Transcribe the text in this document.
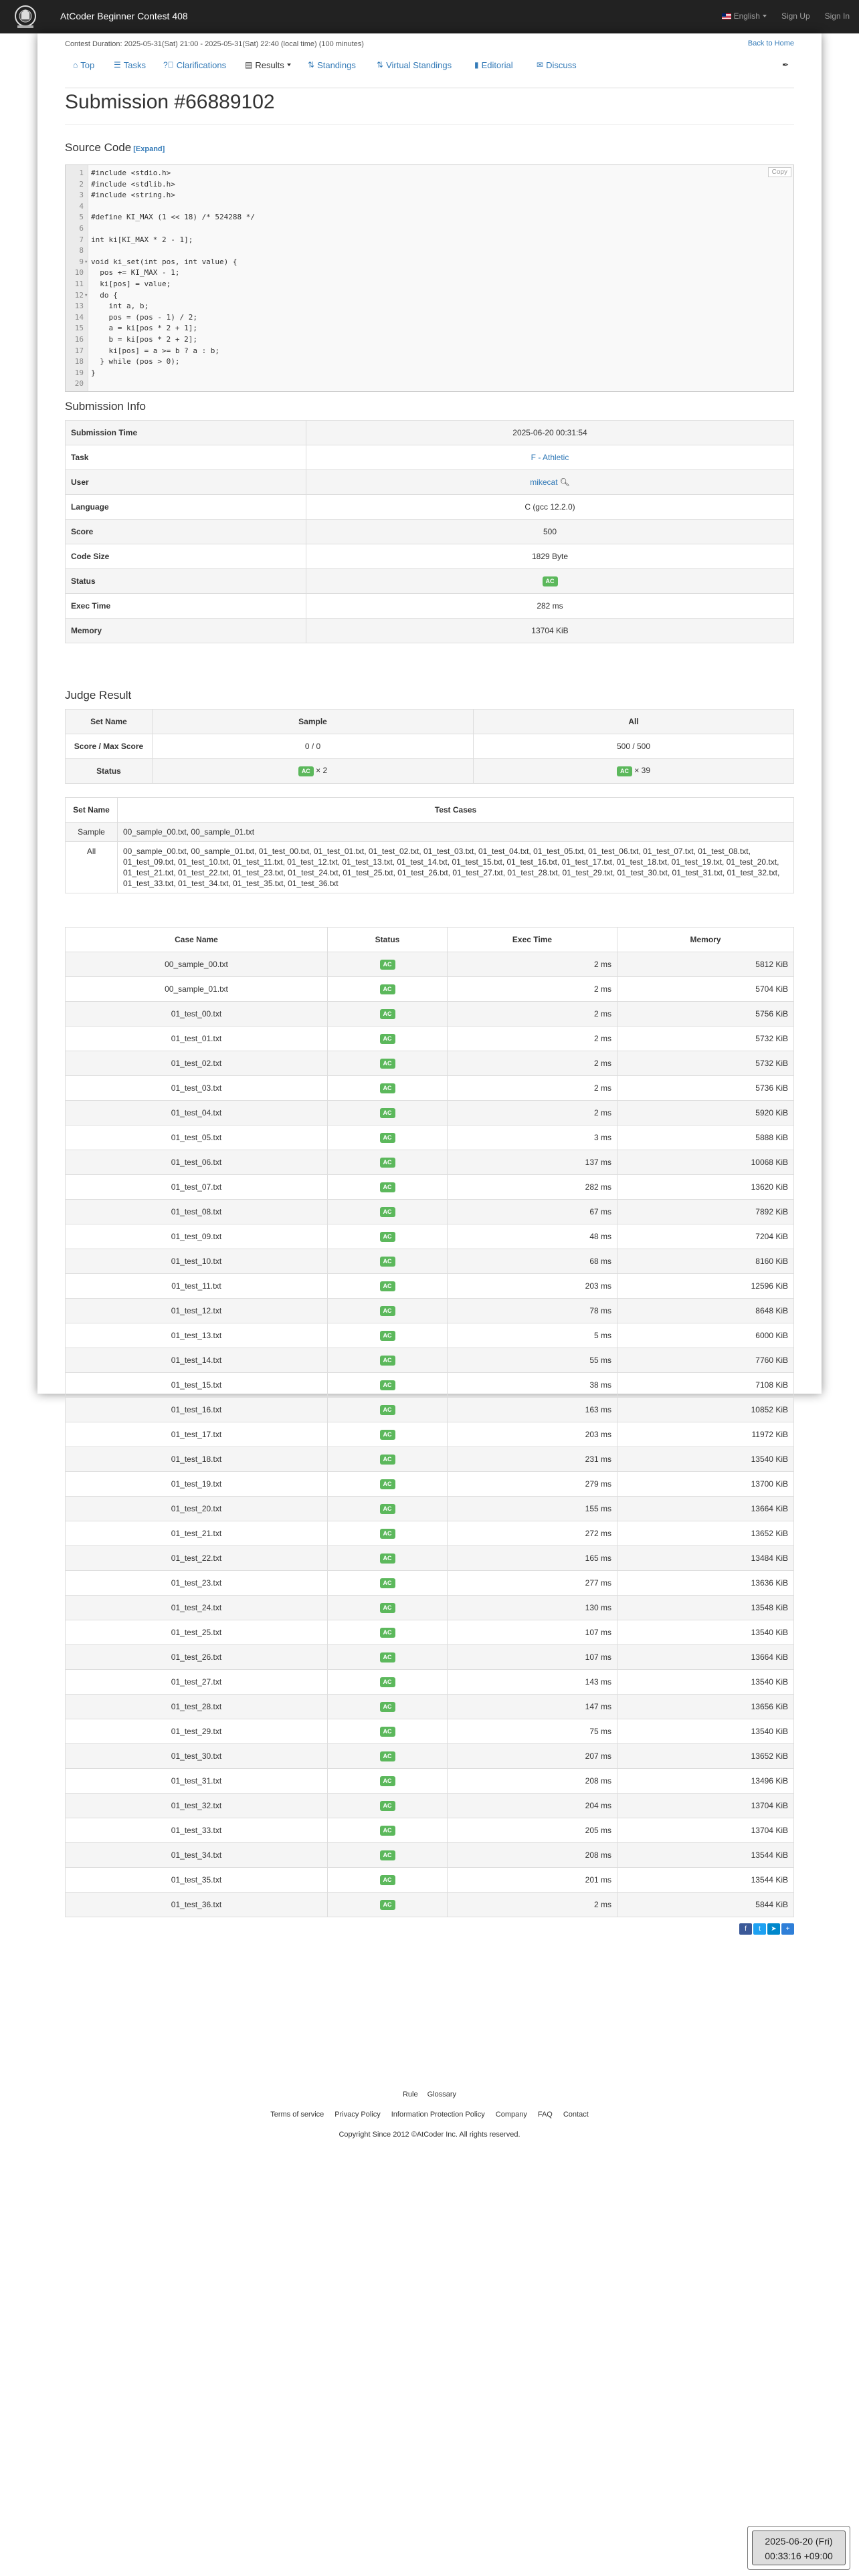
AtCoder Beginner Contest 408	English	Sign Up Sign In
Contest Duration: 2025-05-31(Sat) 21:00 - 2025-05-31(Sat) 22:40 (local time) (100 minutes)	Back to Home
⌂ Top ☰ Tasks ?⃝ Clarifications ▤ Results	⇅ Standings	⇅ Virtual Standings	▮ Editorial	✉ Discuss	✒
Submission #66889102
Source Code [Expand]
1 #include <stdio.h>
2 #include <stdlib.h>
3 #include <string.h>
4
5 #define KI_MAX (1 << 18) /* 524288 */
6
7 int ki[KI_MAX * 2 - 1];
8
9 ▾ void ki_set(int pos, int value) {
10 pos += KI_MAX - 1;
11 ki[pos] = value;
12 ▾ do {
13 int a, b;
14 pos = (pos - 1) / 2;
15 a = ki[pos * 2 + 1];
16 b = ki[pos * 2 + 2];
17 ki[pos] = a >= b ? a : b;
18 } while (pos > 0);
19 }
20
Copy
Submission Info
Submission Time	2025-06-20 00:31:54
Task	F - Athletic
User	mikecat 🔍︎
Language	C (gcc 12.2.0)
Score	500
Code Size	1829 Byte
Status	AC
Exec Time	282 ms
Memory	13704 KiB
Judge Result
Set Name	Sample	All
Score / Max Score	0 / 0	500 / 500
Status	AC × 2	AC × 39
Set Name	Test Cases
Sample	00_sample_00.txt, 00_sample_01.txt
All	00_sample_00.txt, 00_sample_01.txt, 01_test_00.txt, 01_test_01.txt, 01_test_02.txt, 01_test_03.txt, 01_test_04.txt, 01_test_05.txt, 01_test_06.txt, 01_test_07.txt, 01_test_08.txt, 01_test_09.txt, 01_test_10.txt, 01_test_11.txt, 01_test_12.txt, 01_test_13.txt, 01_test_14.txt, 01_test_15.txt, 01_test_16.txt, 01_test_17.txt, 01_test_18.txt, 01_test_19.txt, 01_test_20.txt, 01_test_21.txt, 01_test_22.txt, 01_test_23.txt, 01_test_24.txt, 01_test_25.txt, 01_test_26.txt, 01_test_27.txt, 01_test_28.txt, 01_test_29.txt, 01_test_30.txt, 01_test_31.txt, 01_test_32.txt, 01_test_33.txt, 01_test_34.txt, 01_test_35.txt, 01_test_36.txt
Case Name	Status	Exec Time	Memory
00_sample_00.txt	AC	2 ms	5812 KiB
00_sample_01.txt	AC	2 ms	5704 KiB
01_test_00.txt	AC	2 ms	5756 KiB
01_test_01.txt	AC	2 ms	5732 KiB
01_test_02.txt	AC	2 ms	5732 KiB
01_test_03.txt	AC	2 ms	5736 KiB
01_test_04.txt	AC	2 ms	5920 KiB
01_test_05.txt	AC	3 ms	5888 KiB
01_test_06.txt	AC	137 ms	10068 KiB
01_test_07.txt	AC	282 ms	13620 KiB
01_test_08.txt	AC	67 ms	7892 KiB
01_test_09.txt	AC	48 ms	7204 KiB
01_test_10.txt	AC	68 ms	8160 KiB
01_test_11.txt	AC	203 ms	12596 KiB
01_test_12.txt	AC	78 ms	8648 KiB
01_test_13.txt	AC	5 ms	6000 KiB
01_test_14.txt	AC	55 ms	7760 KiB
01_test_15.txt	AC	38 ms	7108 KiB
01_test_16.txt	AC	163 ms	10852 KiB
01_test_17.txt	AC	203 ms	11972 KiB
01_test_18.txt	AC	231 ms	13540 KiB
01_test_19.txt	AC	279 ms	13700 KiB
01_test_20.txt	AC	155 ms	13664 KiB
01_test_21.txt	AC	272 ms	13652 KiB
01_test_22.txt	AC	165 ms	13484 KiB
01_test_23.txt	AC	277 ms	13636 KiB
01_test_24.txt	AC	130 ms	13548 KiB
01_test_25.txt	AC	107 ms	13540 KiB
01_test_26.txt	AC	107 ms	13664 KiB
01_test_27.txt	AC	143 ms	13540 KiB
01_test_28.txt	AC	147 ms	13656 KiB
01_test_29.txt	AC	75 ms	13540 KiB
01_test_30.txt	AC	207 ms	13652 KiB
01_test_31.txt	AC	208 ms	13496 KiB
01_test_32.txt	AC	204 ms	13704 KiB
01_test_33.txt	AC	205 ms	13704 KiB
01_test_34.txt	AC	208 ms	13544 KiB
01_test_35.txt	AC	201 ms	13544 KiB
01_test_36.txt	AC	2 ms	5844 KiB
f	t	➤	+
Rule Glossary
Terms of service Privacy Policy Information Protection Policy Company FAQ Contact
Copyright Since 2012 ©AtCoder Inc. All rights reserved.
2025-06-20 (Fri)
00:33:16 +09:00
